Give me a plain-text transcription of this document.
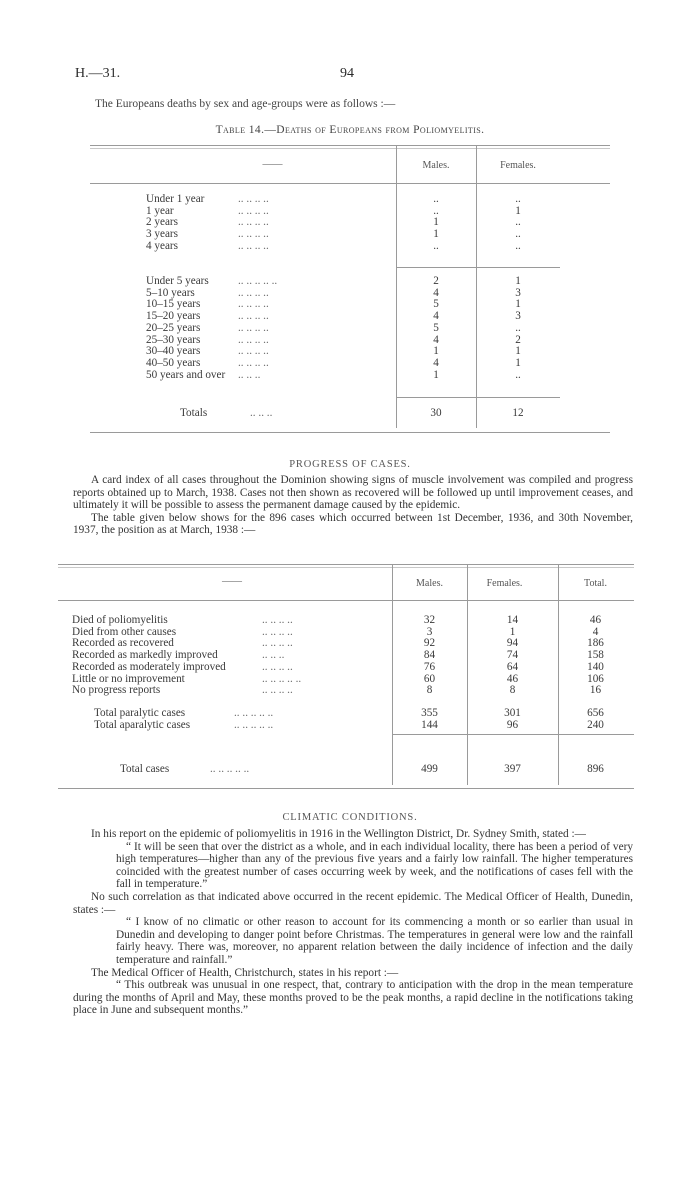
H.—31.	94
The Europeans deaths by sex and age-groups were as follows :—
Table 14.—Deaths of Europeans from Poliomyelitis.
——	Males.	Females.
Under 1 year	.. .. .. ..	..	..
1 year	.. .. .. ..	..	1
2 years	.. .. .. ..	1	..
3 years	.. .. .. ..	1	..
4 years	.. .. .. ..	..	..
Under 5 years	.. .. .. .. ..	2	1
5–10 years	.. .. .. ..	4	3
10–15 years	.. .. .. ..	5	1
15–20 years	.. .. .. ..	4	3
20–25 years	.. .. .. ..	5	..
25–30 years	.. .. .. ..	4	2
30–40 years	.. .. .. ..	1	1
40–50 years	.. .. .. ..	4	1
50 years and over	.. .. ..	1	..
Totals	.. .. ..	30	12
PROGRESS OF CASES.

A card index of all cases throughout the Dominion showing signs of muscle involvement was compiled and progress reports obtained up to March, 1938. Cases not then shown as recovered will be followed up until improvement ceases, and ultimately it will be possible to assess the permanent damage caused by the epidemic.

The table given below shows for the 896 cases which occurred between 1st December, 1936, and 30th November, 1937, the position as at March, 1938 :—

——	Males.	Females.	Total.
Died of poliomyelitis	.. .. .. ..	32	14	46
Died from other causes	.. .. .. ..	3	1	4
Recorded as recovered	.. .. .. ..	92	94	186
Recorded as markedly improved	.. .. ..	84	74	158
Recorded as moderately improved	.. .. .. ..	76	64	140
Little or no improvement	.. .. .. .. ..	60	46	106
No progress reports	.. .. .. ..	8	8	16
Total paralytic cases	.. .. .. .. ..	355	301	656
Total aparalytic cases	.. .. .. .. ..	144	96	240
Total cases	.. .. .. .. ..	499	397	896
CLIMATIC CONDITIONS.

In his report on the epidemic of poliomyelitis in 1916 in the Wellington District, Dr. Sydney Smith, stated :—

“ It will be seen that over the district as a whole, and in each individual locality, there has been a period of very high temperatures—higher than any of the previous five years and a fairly low rainfall. The higher temperatures coincided with the greatest number of cases occurring week by week, and the notifications of cases fell with the fall in temperature.”

No such correlation as that indicated above occurred in the recent epidemic. The Medical Officer of Health, Dunedin, states :—

“ I know of no climatic or other reason to account for its commencing a month or so earlier than usual in Dunedin and developing to danger point before Christmas. The temperatures in general were low and the rainfall fairly heavy. There was, moreover, no apparent relation between the daily incidence of infection and the daily temperature and rainfall.”

The Medical Officer of Health, Christchurch, states in his report :—

“ This outbreak was unusual in one respect, that, contrary to anticipation with the drop in the mean temperature during the months of April and May, these months proved to be the peak months, a rapid decline in the notifications taking place in June and subsequent months.”
